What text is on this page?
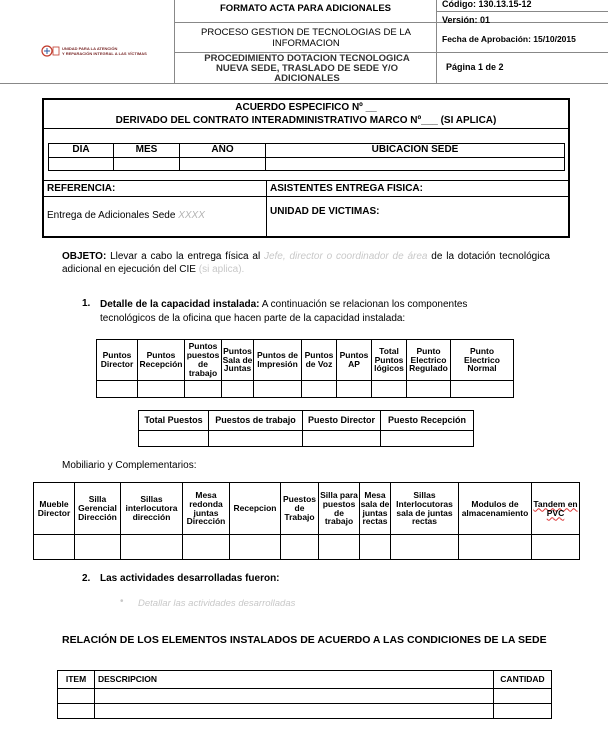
UNIDAD PARA LA ATENCIÓN
Y REPARACIÓN INTEGRAL A LAS VÍCTIMAS
FORMATO ACTA PARA ADICIONALES
PROCESO GESTION DE TECNOLOGIAS DE LA INFORMACION
PROCEDIMIENTO DOTACION TECNOLOGICA NUEVA SEDE, TRASLADO DE SEDE Y/O ADICIONALES
Código: 130.13.15-12
Versión: 01
Fecha de Aprobación: 15/10/2015
Página 1 de 2
ACUERDO ESPECIFICO Nº __
DERIVADO DEL CONTRATO INTERADMINISTRATIVO MARCO Nº___ (SI APLICA)
DIA	MES	AÑO	UBICACION SEDE

REFERENCIA:	ASISTENTES ENTREGA FISICA:
Entrega de Adicionales Sede XXXX	UNIDAD DE VICTIMAS:
OBJETO: Llevar a cabo la entrega física al Jefe, director o coordinador de área de la dotación tecnológica adicional en ejecución del CIE (si aplica).
1. Detalle de la capacidad instalada: A continuación se relacionan los componentes tecnológicos de la oficina que hacen parte de la capacidad instalada:
Puntos Director	Puntos Recepción	Puntos puestos de trabajo	Puntos Sala de Juntas	Puntos de Impresión	Puntos de Voz	Puntos AP	Total Puntos lógicos	Punto Electrico Regulado	Punto Electrico Normal

Total Puestos	Puestos de trabajo	Puesto Director	Puesto Recepción

Mobiliario y Complementarios:
Mueble Director	Silla Gerencial Dirección	Sillas interlocutora dirección	Mesa redonda juntas Dirección	Recepcion	Puestos de Trabajo	Silla para puestos de trabajo	Mesa sala de juntas rectas	Sillas Interlocutoras sala de juntas rectas	Modulos de almacenamiento	Tandem en PVC

2. Las actividades desarrolladas fueron:
• Detallar las actividades desarrolladas
RELACIÓN DE LOS ELEMENTOS INSTALADOS DE ACUERDO A LAS CONDICIONES DE LA SEDE
ITEM	DESCRIPCION	CANTIDAD
